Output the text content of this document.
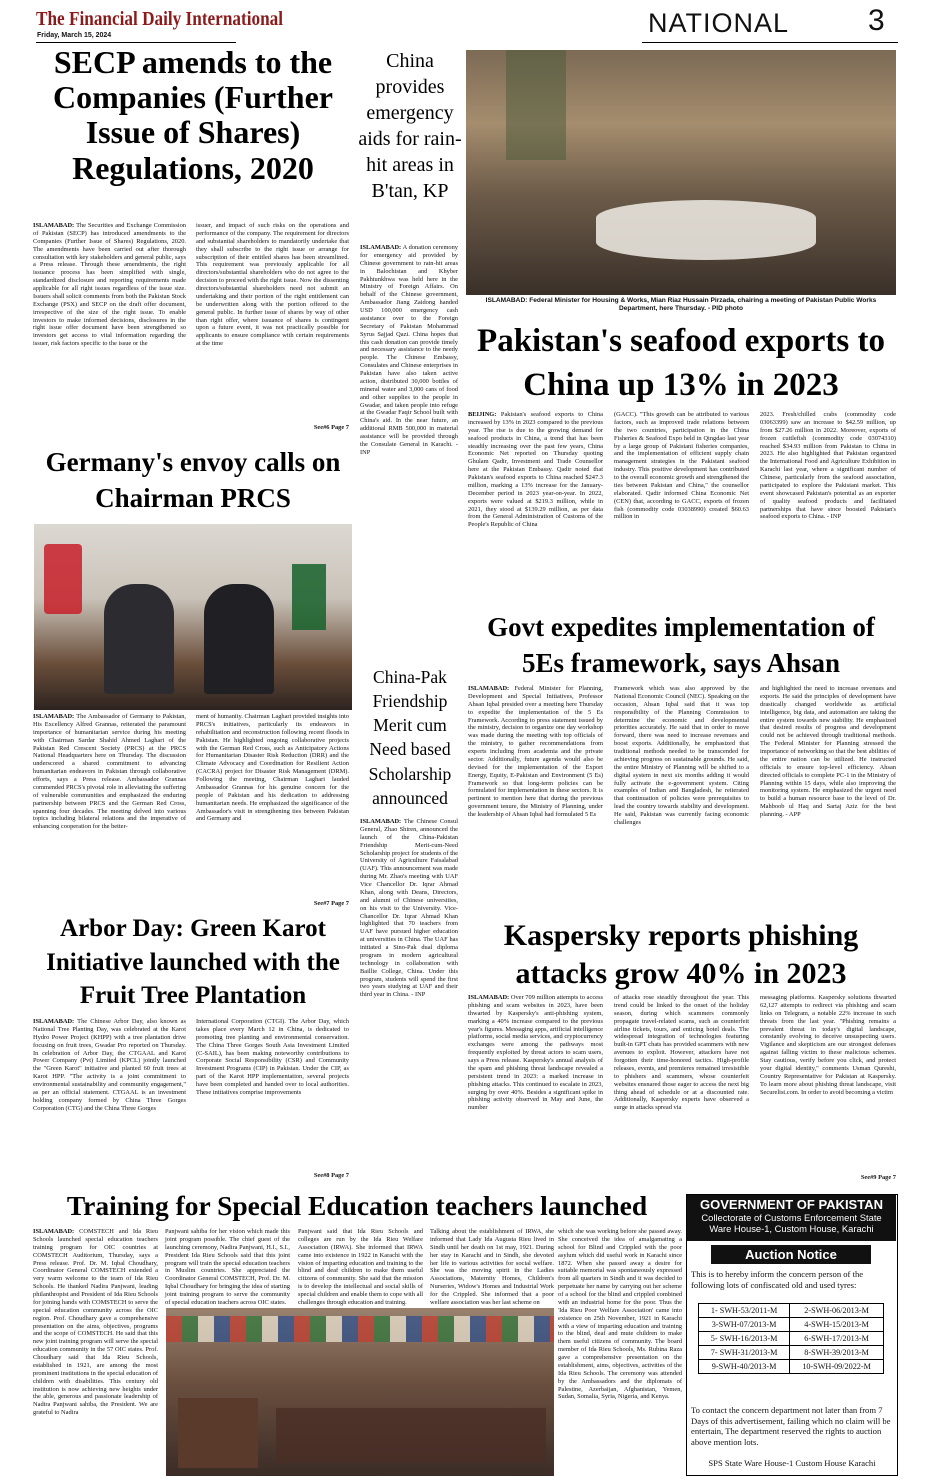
The Financial Daily International
Friday, March 15, 2024	NATIONAL	3
SECP amends to the Companies (Further Issue of Shares) Regulations, 2020
ISLAMABAD: The Securities and Exchange Commission of Pakistan (SECP) has introduced amendments to the Companies (Further Issue of Shares) Regulations, 2020. The amendments have been carried out after thorough consultation with key stakeholders and general public, says a Press release. Through these amendments, the right issuance process has been simplified with single, standardized disclosure and reporting requirements made applicable for all right issues regardless of the issue size. Issuers shall solicit comments from both the Pakistan Stock Exchange (PSX) and SECP on the draft offer document, irrespective of the size of the right issue. To enable investors to make informed decisions, disclosures in the right issue offer document have been strengthened so investors get access to vital information regarding the issuer, risk factors specific to the issue or the
issuer, and impact of such risks on the operations and performance of the company. The requirement for directors and substantial shareholders to mandatorily undertake that they shall subscribe to the right issue or arrange for subscription of their entitled shares has been streamlined. This requirement was previously applicable for all directors/substantial shareholders who do not agree to the decision to proceed with the right issue. Now the dissenting directors/substantial shareholders need not submit an undertaking and their portion of the right entitlement can be underwritten along with the portion offered to the general public. In further issue of shares by way of other than right offer, where issuance of shares is contingent upon a future event, it was not practically possible for applicants to ensure compliance with certain requirements at the time
See#6 Page 7
China provides emergency aids for rain-hit areas in B'tan, KP
ISLAMABAD: A donation ceremony for emergency aid provided by Chinese government to rain-hit areas in Balochistan and Khyber Pakhtunkhwa was held here in the Ministry of Foreign Affairs. On behalf of the Chinese government, Ambassador Jiang Zaidong handed USD 100,000 emergency cash assistance over to the Foreign Secretary of Pakistan Mohammad Syrus Sajjad Qazi. China hopes that this cash donation can provide timely and necessary assistance to the needy people. The Chinese Embassy, Consulates and Chinese enterprises in Pakistan have also taken active action, distributed 30,000 bottles of mineral water and 3,000 cans of food and other supplies to the people in Gwadar, and taken people into refuge at the Gwadar Faqir School built with China's aid. In the near future, an additional RMB 500,000 in material assistance will be provided through the Consulate General in Karachi. - INP
ISLAMABAD: Federal Minister for Housing & Works, Mian Riaz Hussain Pirzada, chairing a meeting of Pakistan Public Works Department, here Thursday. - PID photo
Pakistan's seafood exports to China up 13% in 2023
BEIJING: Pakistan's seafood exports to China increased by 13% in 2023 compared to the previous year. The rise is due to the growing demand for seafood products in China, a trend that has been steadily increasing over the past few years, China Economic Net reported on Thursday quoting Ghulam Qadir, Investment and Trade Counsellor here at the Pakistan Embassy. Qadir noted that Pakistan's seafood exports to China reached $247.3 million, marking a 13% increase for the January-December period in 2023 year-on-year. In 2022, exports were valued at $219.3 million, while in 2021, they stood at $139.29 million, as per data from the General Administration of Customs of the People's Republic of China
(GACC). "This growth can be attributed to various factors, such as improved trade relations between the two countries, participation in the China Fisheries & Seafood Expo held in Qingdao last year by a large group of Pakistani fisheries companies, and the implementation of efficient supply chain management strategies in the Pakistani seafood industry. This positive development has contributed to the overall economic growth and strengthened the ties between Pakistan and China," the counsellor elaborated. Qadir informed China Economic Net (CEN) that, according to GACC, exports of frozen fish (commodity code 03038990) created $60.63 million in
2023. Fresh/chilled crabs (commodity code 03063399) saw an increase to $42.59 million, up from $27.26 million in 2022. Moreover, exports of frozen cuttlefish (commodity code 03074310) reached $34.93 million from Pakistan to China in 2023. He also highlighted that Pakistan organized the International Food and Agriculture Exhibition in Karachi last year, where a significant number of Chinese, particularly from the seafood association, participated to explore the Pakistani market. This event showcased Pakistan's potential as an exporter of quality seafood products and facilitated partnerships that have since boosted Pakistan's seafood exports to China. - INP
Germany's envoy calls on Chairman PRCS
ISLAMABAD: The Ambassador of Germany to Pakistan, His Excellency Alfred Grannas, reiterated the paramount importance of humanitarian service during his meeting with Chairman Sardar Shahid Ahmed Laghari of the Pakistan Red Crescent Society (PRCS) at the PRCS National Headquarters here on Thursday. The discussion underscored a shared commitment to advancing humanitarian endeavors in Pakistan through collaborative efforts, says a Press release. Ambassador Grannas commended PRCS's pivotal role in alleviating the suffering of vulnerable communities and emphasized the enduring partnership between PRCS and the German Red Cross, spanning four decades. The meeting delved into various topics including bilateral relations and the imperative of enhancing cooperation for the better-
ment of humanity. Chairman Laghari provided insights into PRCS's initiatives, particularly its endeavors in rehabilitation and reconstruction following recent floods in Pakistan. He highlighted ongoing collaborative projects with the German Red Cross, such as Anticipatory Actions for Humanitarian Disaster Risk Reduction (DRR) and the Climate Advocacy and Coordination for Resilient Action (CACRA) project for Disaster Risk Management (DRM). Following the meeting, Chairman Laghari lauded Ambassador Grannas for his genuine concern for the people of Pakistan and his dedication to addressing humanitarian needs. He emphasized the significance of the Ambassador's visit in strengthening ties between Pakistan and Germany and
See#7 Page 7
China-Pak Friendship Merit cum Need based Scholarship announced
ISLAMABAD: The Chinese Consul General, Zhao Shiren, announced the launch of the China-Pakistan Friendship Merit-cum-Need Scholarship project for students of the University of Agriculture Faisalabad (UAF). This announcement was made during Mr. Zhao's meeting with UAF Vice Chancellor Dr. Iqrar Ahmad Khan, along with Deans, Directors, and alumni of Chinese universities, on his visit to the University. Vice-Chancellor Dr. Iqrar Ahmad Khan highlighted that 70 teachers from UAF have pursued higher education at universities in China. The UAF has initiated a Sino-Pak dual diploma program in modern agricultural technology in collaboration with Baillie College, China. Under this program, students will spend the first two years studying at UAF and their third year in China. - INP
Govt expedites implementation of 5Es framework, says Ahsan
ISLAMABAD: Federal Minister for Planning, Development and Special Initiatives, Professor Ahsan Iqbal presided over a meeting here Thursday to expedite the implementation of the 5 Es Framework. According to press statement issued by the ministry, decision to organize one day workshop was made during the meeting with top officials of the ministry, to gather recommendations from experts including from academia and the private sector. Additionally, future agenda would also be devised for the implementation of the Export Energy, Equity, E-Pakistan and Environment (5 Es) Framework so that long-term policies can be formulated for implementation in these sectors. It is pertinent to mention here that during the previous government tenure, the Ministry of Planning, under the leadership of Ahsan Iqbal had formulated 5 Es
Framework which was also approved by the National Economic Council (NEC). Speaking on the occasion, Ahsan Iqbal said that it was top responsibility of the Planning Commission to determine the economic and developmental priorities accurately. He said that in order to move forward, there was need to increase revenues and boost exports. Additionally, he emphasized that traditional methods needed to be transcended for achieving progress on sustainable grounds. He said, the entire Ministry of Planning will be shifted to a digital system in next six months adding it would fully activate the e-government system. Citing examples of Indian and Bangladesh, he reiterated that continuation of policies were prerequisites to lead the country towards stability and development. He said, Pakistan was currently facing economic challenges
and highlighted the need to increase revenues and exports. He said the principles of development have drastically changed worldwide as artificial intelligence, big data, and automation are taking the entire system towards new stability. He emphasized that desired results of progress and development could not be achieved through traditional methods. The Federal Minister for Planning stressed the importance of networking so that the best abilities of the entire nation can be utilized. He instructed officials to ensure top-level efficiency. Ahsan directed officials to complete PC-1 in the Ministry of Planning within 15 days, while also improving the monitoring system. He emphasized the urgent need to build a human resource base to the level of Dr. Mahboob ul Haq and Sartaj Aziz for the best planning. - APP
Arbor Day: Green Karot Initiative launched with the Fruit Tree Plantation
ISLAMABAD: The Chinese Arbor Day, also known as National Tree Planting Day, was celebrated at the Karot Hydro Power Project (KHPP) with a tree plantation drive focusing on fruit trees, Gwadar Pro reported on Thursday. In celebration of Arbor Day, the CTGAAL and Karot Power Company (Pvt) Limited (KPCL) jointly launched the "Green Karot" initiative and planted 60 fruit trees at Karot HPP. "The activity is a joint commitment to environmental sustainability and community engagement," as per an official statement. CTGAAL is an investment holding company formed by China Three Gorges Corporation (CTG) and the China Three Gorges
International Corporation (CTGI). The Arbor Day, which takes place every March 12 in China, is dedicated to promoting tree planting and environmental conservation. The China Three Gorges South Asia Investment Limited (C-SAIL), has been making noteworthy contributions to Corporate Social Responsibility (CSR) and Community Investment Programs (CIP) in Pakistan. Under the CIP, as part of the Karot HPP implementation, several projects have been completed and handed over to local authorities. These initiatives comprise improvements
See#8 Page 7
Kaspersky reports phishing attacks grow 40% in 2023
ISLAMABAD: Over 709 million attempts to access phishing and scam websites in 2023, have been thwarted by Kaspersky's anti-phishing system, marking a 40% increase compared to the previous year's figures. Messaging apps, artificial intelligence platforms, social media services, and cryptocurrency exchanges were among the pathways most frequently exploited by threat actors to scam users, says a Press release. Kaspersky's annual analysis of the spam and phishing threat landscape revealed a persistent trend in 2023: a marked increase in phishing attacks. This continued to escalate in 2023, surging by over 40%. Besides a significant spike in phishing activity observed in May and June, the number
of attacks rose steadily throughout the year. This trend could be linked to the onset of the holiday season, during which scammers commonly propagate travel-related scams, such as counterfeit airline tickets, tours, and enticing hotel deals. The widespread integration of technologies featuring built-in GPT chats has provided scammers with new avenues to exploit. However, attackers have not forgotten their time-honored tactics. High-profile releases, events, and premieres remained irresistible to phishers and scammers, whose counterfeit websites ensnared those eager to access the next big thing ahead of schedule or at a discounted rate. Additionally, Kaspersky experts have observed a surge in attacks spread via
messaging platforms. Kaspersky solutions thwarted 62,127 attempts to redirect via phishing and scam links on Telegram, a notable 22% increase in such threats from the last year. "Phishing remains a prevalent threat in today's digital landscape, constantly evolving to deceive unsuspecting users. Vigilance and skepticism are our strongest defenses against falling victim to these malicious schemes. Stay cautious, verify before you click, and protect your digital identity," comments Usman Qureshi, Country Representative for Pakistan at Kaspersky. To learn more about phishing threat landscape, visit Securelist.com. In order to avoid becoming a victim
See#9 Page 7
Training for Special Education teachers launched
ISLAMABAD: COMSTECH and Ida Rieu Schools launched special education teachers training program for OIC countries at COMSTECH Auditorium, Thursday, says a Press release. Prof. Dr. M. Iqbal Choudhary, Coordinator General COMSTECH extended a very warm welcome to the team of Ida Rieu Schools. He thanked Nadira Panjwani, leading philanthropist and President of Ida Rieu Schools for joining hands with COMSTECH to serve the special education community across the OIC region. Prof. Choudhary gave a comprehensive presentation on the aims, objectives, programs and the scope of COMSTECH. He said that this new joint training program will serve the special education community in the 57 OIC states. Prof. Choudhary said that Ida Rieu Schools, established in 1921, are among the most prominent institutions in the special education of children with disabilities. This century old institution is now achieving new heights under the able, generous and passionate leadership of Nadira Panjwani sahiba, the President. We are grateful to Nadira
Panjwani sahiba for her vision which made this joint program possible. The chief guest of the launching ceremony, Nadira Panjwani, H.I., S.I., President Ida Rieu Schools said that this joint program will train the special education teachers in Muslim countries. She appreciated the Coordinator General COMSTECH, Prof. Dr. M. Iqbal Choudhary for bringing the idea of starting joint training program to serve the community of special education teachers across OIC states.
Panjwani said that Ida Rieu Schools and colleges are run by the Ida Rieu Welfare Association (IRWA). She informed that IRWA came into existence in 1922 in Karachi with the vision of imparting education and training to the blind and deaf children to make them useful citizens of community. She said that the mission is to develop the intellectual and social skills of special children and enable them to cope with all challenges through education and training.
Talking about the establishment of IRWA, she informed that Lady Ida Augusta Rieu lived in Sindh until her death on 1st may, 1921. During her stay in Karachi and in Sindh, she devoted her life to various activities for social welfare. She was the moving spirit in the Ladies Associations, Maternity Homes, Children's Nurseries, Widow's Homes and Industrial Work for the Crippled. She informed that a poor welfare association was her last scheme on
which she was working before she passed away. She conceived the idea of amalgamating a school for Blind and Crippled with the poor asylum which did useful work in Karachi since 1872. When she passed away a desire for suitable memorial was spontaneously expressed from all quarters in Sindh and it was decided to perpetuate her name by carrying out her scheme of a school for the blind and crippled combined with an industrial home for the poor. Thus the 'Ida Rieu Poor Welfare Association' came into existence on 25th November, 1921 in Karachi with a view of imparting education and training to the blind, deaf and mute children to make them useful citizens of community. The board member of Ida Rieu Schools, Ms. Rubina Raza gave a comprehensive presentation on the establishment, aims, objectives, activities of the Ida Rieu Schools. The ceremony was attended by the Ambassadors and the diplomats of Palestine, Azerbaijan, Afghanistan, Yemen, Sudan, Somalia, Syria, Nigeria, and Kenya.
GOVERNMENT OF PAKISTAN
Collectorate of Customs Enforcement State Ware House-1, Custom House, Karachi
Auction Notice
This is to hereby inform the concern person of the following lots of confiscated old and used tyres:
1- SWH-53/2011-M	2-SWH-06/2013-M
3-SWH-07/2013-M	4-SWH-15/2013-M
5- SWH-16/2013-M	6-SWH-17/2013-M
7- SWH-31/2013-M	8-SWH-39/2013-M
9-SWH-40/2013-M	10-SWH-09/2022-M
To contact the concern department not later than from 7 Days of this advertisement, failing which no claim will be entertain, The department reserved the rights to auction above mention lots.
SPS State Ware House-1 Custom House Karachi
